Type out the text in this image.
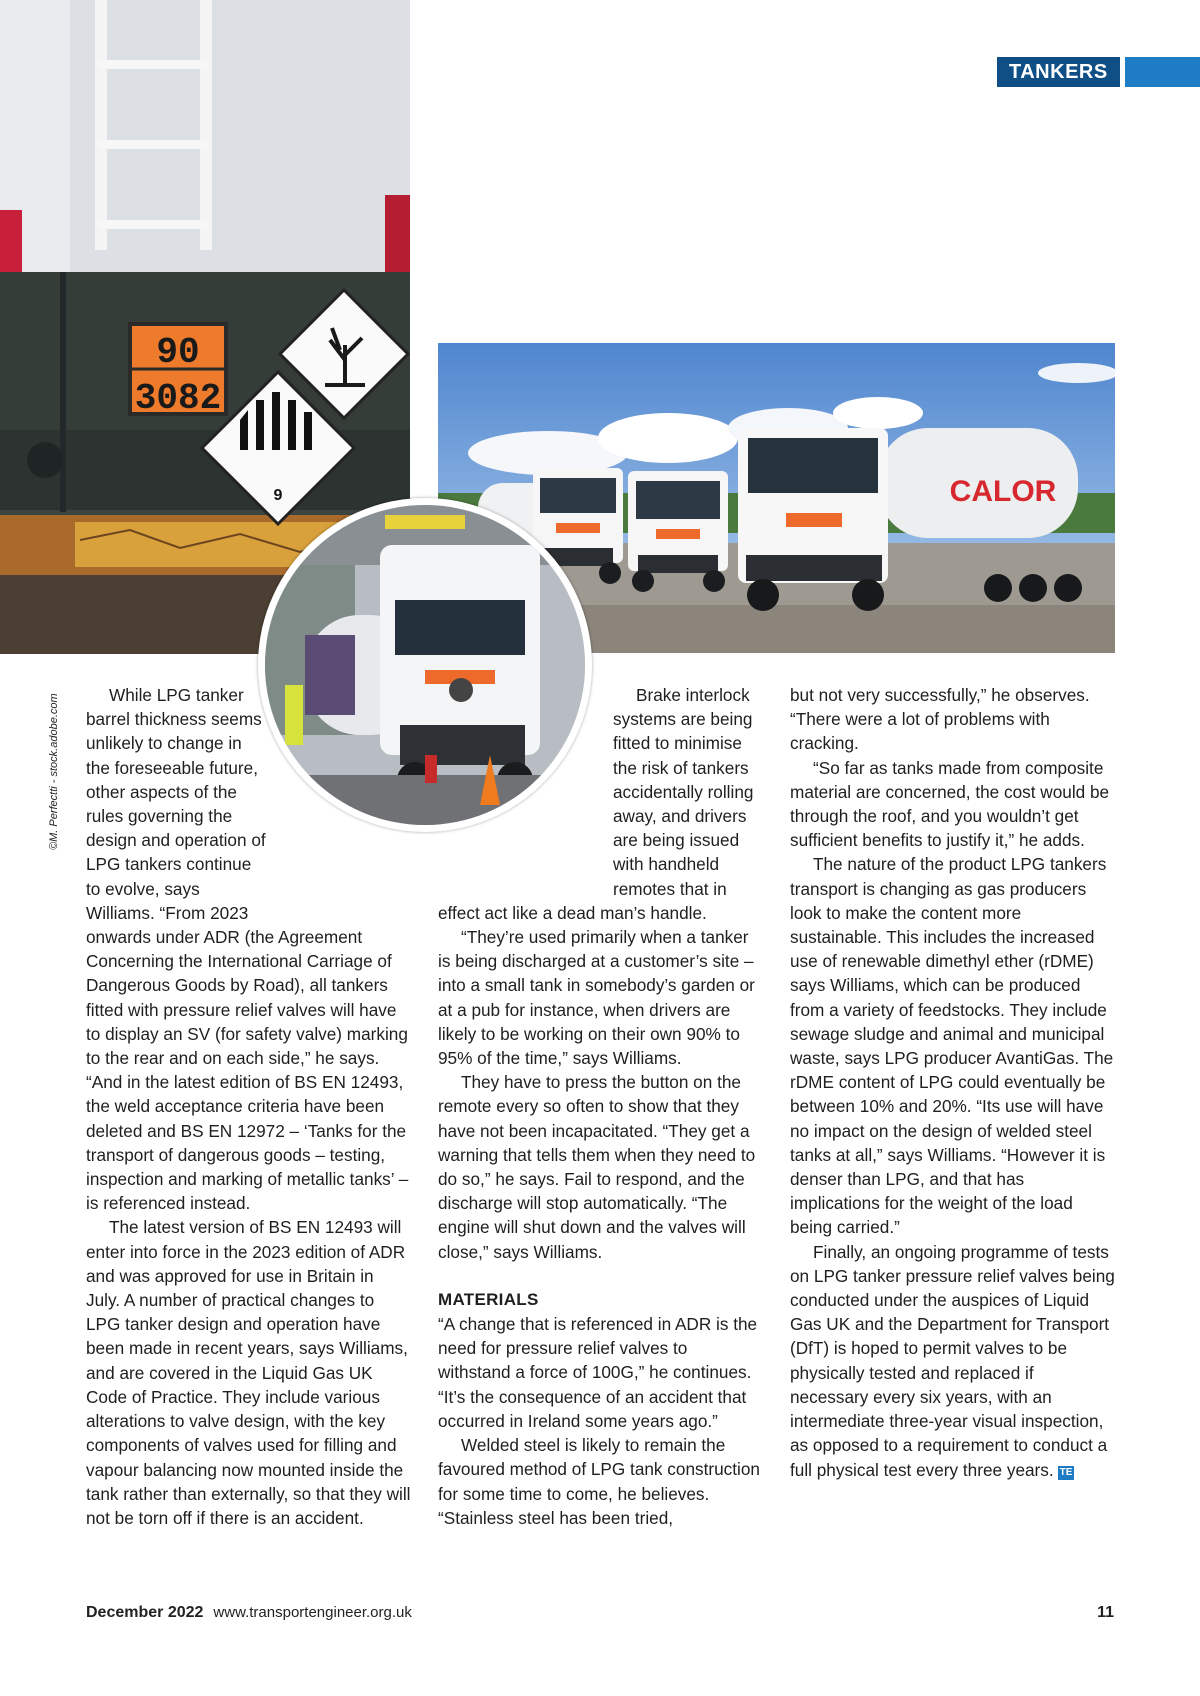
TANKERS
90
3082
9	CALOR
©M. Perfectti - stock.adobe.com	While LPG tanker barrel thickness seems unlikely to change in the foreseeable future, other aspects of the rules governing the design and operation of LPG tankers continue to evolve, says Williams. “From 2023 onwards under ADR (the Agreement Concerning the International Carriage of Dangerous Goods by Road), all tankers fitted with pressure relief valves will have to display an SV (for safety valve) marking to the rear and on each side,” he says. “And in the latest edition of BS EN 12493, the weld acceptance criteria have been deleted and BS EN 12972 – ‘Tanks for the transport of dangerous goods – testing, inspection and marking of metallic tanks’ – is referenced instead.

The latest version of BS EN 12493 will enter into force in the 2023 edition of ADR and was approved for use in Britain in July. A number of practical changes to LPG tanker design and operation have been made in recent years, says Williams, and are covered in the Liquid Gas UK Code of Practice. They include various alterations to valve design, with the key components of valves used for filling and vapour balancing now mounted inside the tank rather than externally, so that they will not be torn off if there is an accident.

Brake interlock systems are being fitted to minimise the risk of tankers accidentally rolling away, and drivers are being issued with handheld remotes that in effect act like a dead man’s handle.

“They’re used primarily when a tanker is being discharged at a customer’s site – into a small tank in somebody’s garden or at a pub for instance, when drivers are likely to be working on their own 90% to 95% of the time,” says Williams.

They have to press the button on the remote every so often to show that they have not been incapacitated. “They get a warning that tells them when they need to do so,” he says. Fail to respond, and the discharge will stop automatically. “The engine will shut down and the valves will close,” says Williams.

MATERIALS

“A change that is referenced in ADR is the need for pressure relief valves to withstand a force of 100G,” he continues. “It’s the consequence of an accident that occurred in Ireland some years ago.”

Welded steel is likely to remain the favoured method of LPG tank construction for some time to come, he believes. “Stainless steel has been tried,

but not very successfully,” he observes. “There were a lot of problems with cracking.

“So far as tanks made from composite material are concerned, the cost would be through the roof, and you wouldn’t get sufficient benefits to justify it,” he adds.

The nature of the product LPG tankers transport is changing as gas producers look to make the content more sustainable. This includes the increased use of renewable dimethyl ether (rDME) says Williams, which can be produced from a variety of feedstocks. They include sewage sludge and animal and municipal waste, says LPG producer AvantiGas. The rDME content of LPG could eventually be between 10% and 20%. “Its use will have no impact on the design of welded steel tanks at all,” says Williams. “However it is denser than LPG, and that has implications for the weight of the load being carried.”

Finally, an ongoing programme of tests on LPG tanker pressure relief valves being conducted under the auspices of Liquid Gas UK and the Department for Transport (DfT) is hoped to permit valves to be physically tested and replaced if necessary every six years, with an intermediate three-year visual inspection, as opposed to a requirement to conduct a full physical test every three years. TE

December 2022 www.transportengineer.org.uk	11
